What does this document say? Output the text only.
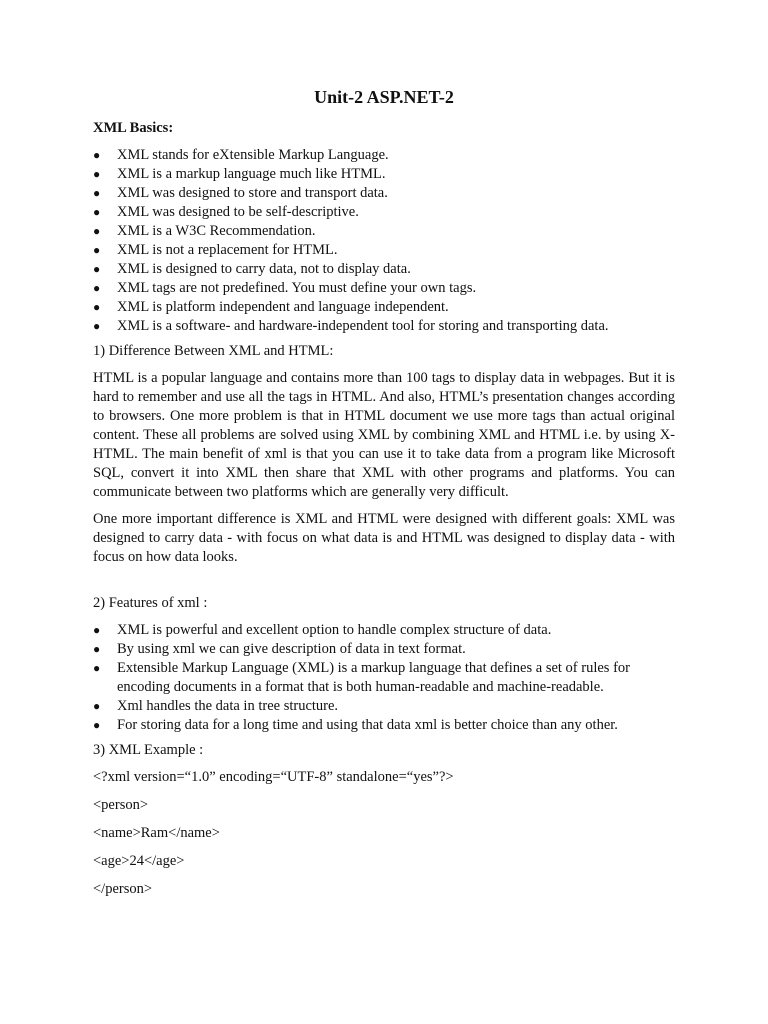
Unit-2 ASP.NET-2
XML Basics:
● XML stands for eXtensible Markup Language.
● XML is a markup language much like HTML.
● XML was designed to store and transport data.
● XML was designed to be self-descriptive.
● XML is a W3C Recommendation.
● XML is not a replacement for HTML.
● XML is designed to carry data, not to display data.
● XML tags are not predefined. You must define your own tags.
● XML is platform independent and language independent.
● XML is a software- and hardware-independent tool for storing and transporting data.
1) Difference Between XML and HTML:

HTML is a popular language and contains more than 100 tags to display data in webpages. But it is hard to remember and use all the tags in HTML. And also, HTML’s presentation changes according to browsers. One more problem is that in HTML document we use more tags than actual original content. These all problems are solved using XML by combining XML and HTML i.e. by using X-HTML. The main benefit of xml is that you can use it to take data from a program like Microsoft SQL, convert it into XML then share that XML with other programs and platforms. You can communicate between two platforms which are generally very difficult.

One more important difference is XML and HTML were designed with different goals: XML was designed to carry data - with focus on what data is and HTML was designed to display data - with focus on how data looks.

2) Features of xml :
● XML is powerful and excellent option to handle complex structure of data.
● By using xml we can give description of data in text format.
● Extensible Markup Language (XML) is a markup language that defines a set of rules for encoding documents in a format that is both human-readable and machine-readable.
● Xml handles the data in tree structure.
● For storing data for a long time and using that data xml is better choice than any other.
3) XML Example :
<?xml version=“1.0” encoding=“UTF-8” standalone=“yes”?>
<person>
<name>Ram</name>
<age>24</age>
</person>
